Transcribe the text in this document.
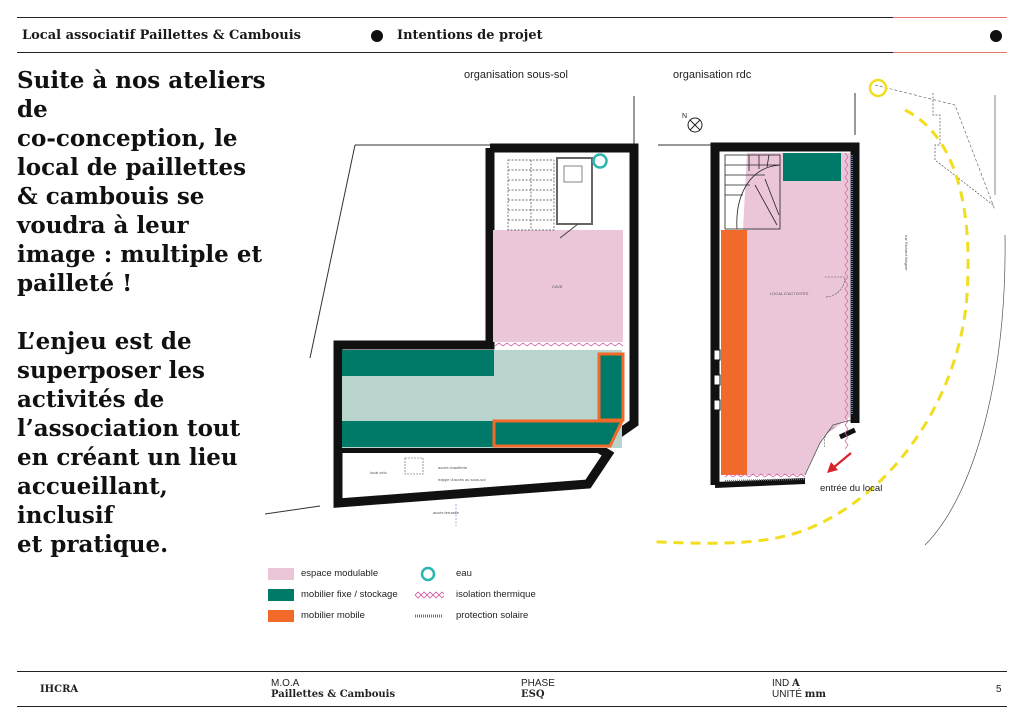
Local associatif Paillettes & Cambouis	Intentions de projet

Suite à nos ateliers
de
co-conception, le
local de paillettes
& cambouis se
voudra à leur
image : multiple et
pailleté !

L’enjeu est de
superposer les
activités de
l’association tout
en créant un lieu
accueillant, inclusif
et pratique.

organisation sous-sol	organisation rdc
CAVE
local vélo
accès chaufferie
trappe d'accès au sous-sol
accès terrasse
rue Richard Wagner
N
LOCAL D'ACTIVITÉS
entrée du local
espace modulable
mobilier fixe / stockage
mobilier mobile
eau
isolation thermique
protection solaire
IHCRA
M.O.A
Paillettes & Cambouis
PHASE
ESQ
IND A
UNITÉ mm	5
